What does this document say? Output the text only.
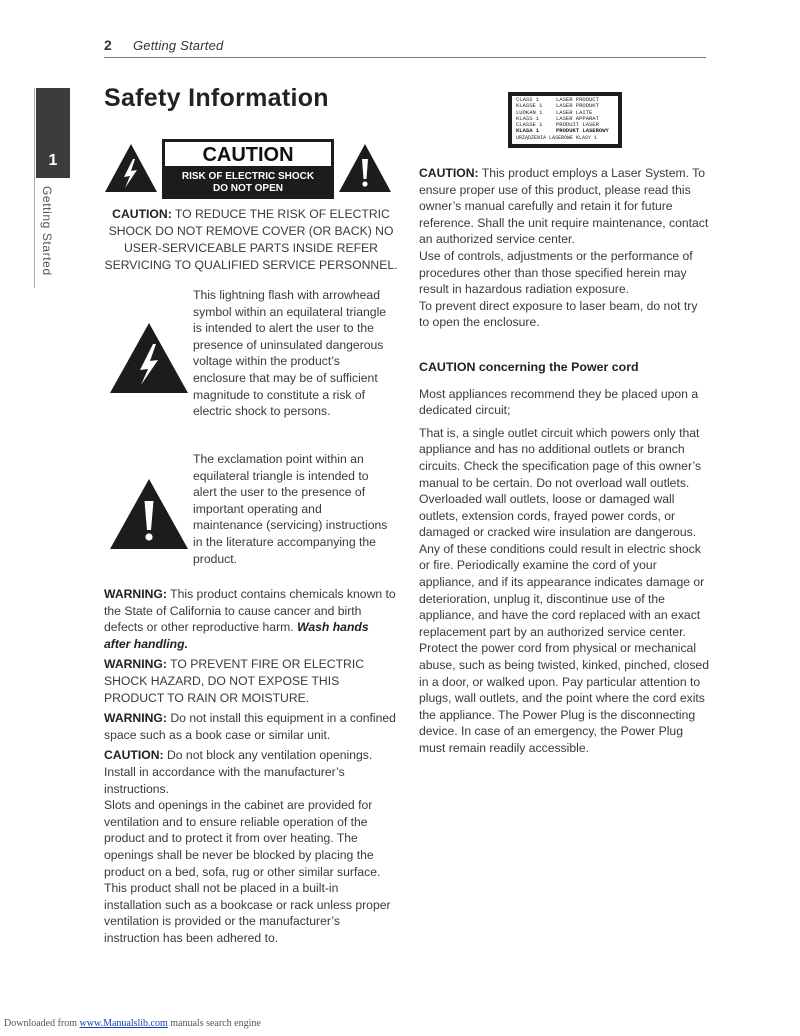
2 Getting Started
1
Getting Started
Safety Information
CAUTION
RISK OF ELECTRIC SHOCK
DO NOT OPEN
CAUTION: TO REDUCE THE RISK OF ELECTRIC SHOCK DO NOT REMOVE COVER (OR BACK) NO USER-SERVICEABLE PARTS INSIDE REFER SERVICING TO QUALIFIED SERVICE PERSONNEL.
This lightning flash with arrowhead symbol within an equilateral triangle is intended to alert the user to the presence of uninsulated dangerous voltage within the product’s enclosure that may be of sufficient magnitude to constitute a risk of electric shock to persons.
The exclamation point within an equilateral triangle is intended to alert the user to the presence of important operating and maintenance (servicing) instructions in the literature accompanying the product.

WARNING: This product contains chemicals known to the State of California to cause cancer and birth defects or other reproductive harm. Wash hands after handling.

WARNING: TO PREVENT FIRE OR ELECTRIC SHOCK HAZARD, DO NOT EXPOSE THIS PRODUCT TO RAIN OR MOISTURE.

WARNING: Do not install this equipment in a confined space such as a book case or similar unit.

CAUTION: Do not block any ventilation openings. Install in accordance with the manufacturer’s instructions.

Slots and openings in the cabinet are provided for ventilation and to ensure reliable operation of the product and to protect it from over heating. The openings shall be never be blocked by placing the product on a bed, sofa, rug or other similar surface. This product shall not be placed in a built-in installation such as a bookcase or rack unless proper ventilation is provided or the manufacturer’s instruction has been adhered to.

CLASS 1	LASER PRODUCT
KLASSE 1	LASER PRODUKT
LUOKAN 1	LASER LAITE
KLASS 1	LASER APPARAT
CLASSE 1	PRODUIT LASER
KLASA 1	PRODUKT LASEROWY
URZĄDZENIA LASEROWE KLASY 1

CAUTION: This product employs a Laser System. To ensure proper use of this product, please read this owner’s manual carefully and retain it for future reference. Shall the unit require maintenance, contact an authorized service center.

Use of controls, adjustments or the performance of procedures other than those specified herein may result in hazardous radiation exposure.

To prevent direct exposure to laser beam, do not try to open the enclosure.

CAUTION concerning the Power cord

Most appliances recommend they be placed upon a dedicated circuit;

That is, a single outlet circuit which powers only that appliance and has no additional outlets or branch circuits. Check the specification page of this owner’s manual to be certain. Do not overload wall outlets. Overloaded wall outlets, loose or damaged wall outlets, extension cords, frayed power cords, or damaged or cracked wire insulation are dangerous. Any of these conditions could result in electric shock or fire. Periodically examine the cord of your appliance, and if its appearance indicates damage or deterioration, unplug it, discontinue use of the appliance, and have the cord replaced with an exact replacement part by an authorized service center. Protect the power cord from physical or mechanical abuse, such as being twisted, kinked, pinched, closed in a door, or walked upon. Pay particular attention to plugs, wall outlets, and the point where the cord exits the appliance. The Power Plug is the disconnecting device. In case of an emergency, the Power Plug must remain readily accessible.

Downloaded from www.Manualslib.com manuals search engine
